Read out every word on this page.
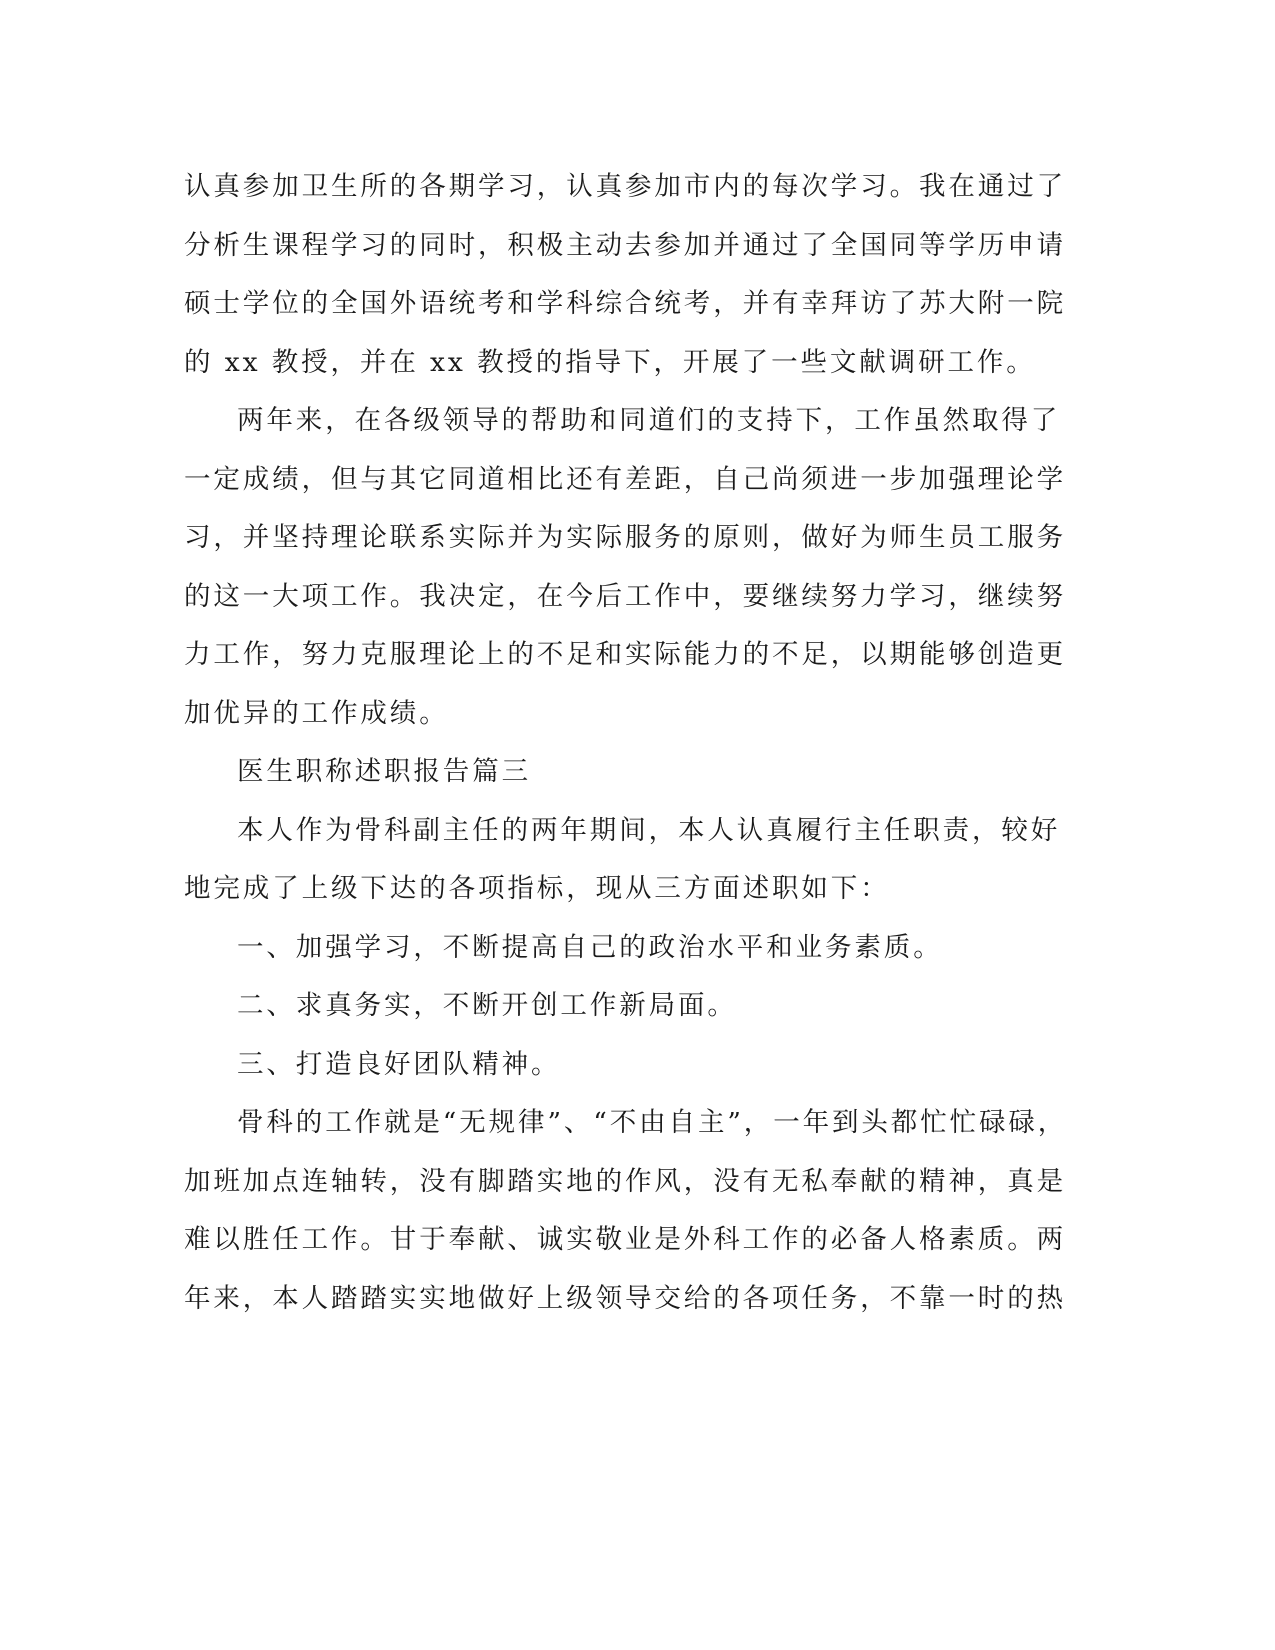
认真参加卫生所的各期学习，认真参加市内的每次学习。我在通过了
分析生课程学习的同时，积极主动去参加并通过了全国同等学历申请
硕士学位的全国外语统考和学科综合统考，并有幸拜访了苏大附一院
的 xx 教授，并在 xx 教授的指导下，开展了一些文献调研工作。

两年来，在各级领导的帮助和同道们的支持下，工作虽然取得了
一定成绩，但与其它同道相比还有差距，自己尚须进一步加强理论学
习，并坚持理论联系实际并为实际服务的原则，做好为师生员工服务
的这一大项工作。我决定，在今后工作中，要继续努力学习，继续努
力工作，努力克服理论上的不足和实际能力的不足，以期能够创造更
加优异的工作成绩。

医生职称述职报告篇三

本人作为骨科副主任的两年期间，本人认真履行主任职责，较好
地完成了上级下达的各项指标，现从三方面述职如下：

一、加强学习，不断提高自己的政治水平和业务素质。

二、求真务实，不断开创工作新局面。

三、打造良好团队精神。

骨科的工作就是“无规律”、“不由自主”，一年到头都忙忙碌碌，
加班加点连轴转，没有脚踏实地的作风，没有无私奉献的精神，真是
难以胜任工作。甘于奉献、诚实敬业是外科工作的必备人格素质。两
年来，本人踏踏实实地做好上级领导交给的各项任务，不靠一时的热
